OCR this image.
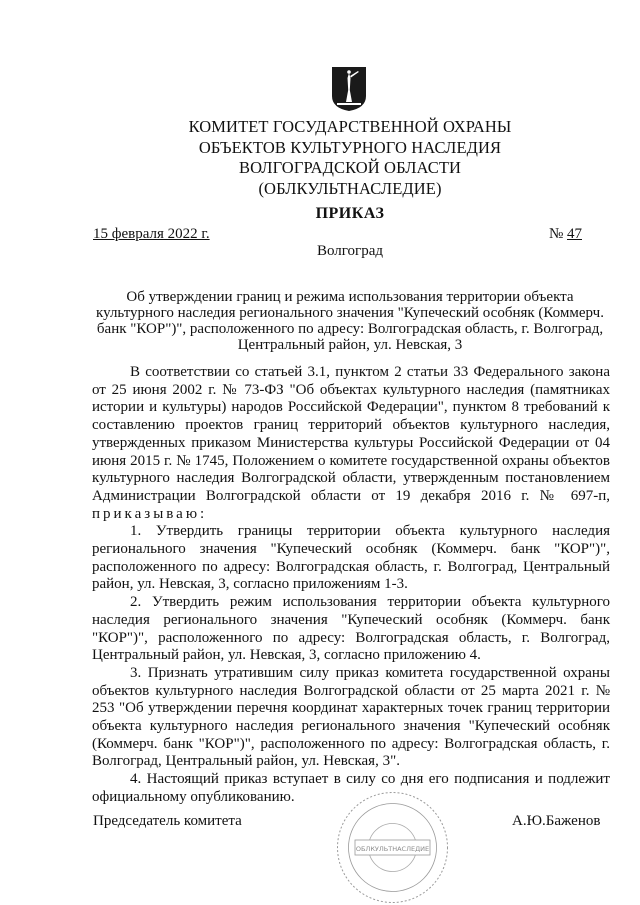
КОМИТЕТ ГОСУДАРСТВЕННОЙ ОХРАНЫ
ОБЪЕКТОВ КУЛЬТУРНОГО НАСЛЕДИЯ
ВОЛГОГРАДСКОЙ ОБЛАСТИ
(ОБЛКУЛЬТНАСЛЕДИЕ)
ПРИКАЗ
15 февраля 2022 г.	№ 47
Волгоград
Об утверждении границ и режима использования территории объекта
культурного наследия регионального значения "Купеческий особняк (Коммерч.
банк "КОР")", расположенного по адресу: Волгоградская область, г. Волгоград,
Центральный район, ул. Невская, 3

В соответствии со статьей 3.1, пунктом 2 статьи 33 Федерального закона от 25 июня 2002 г. № 73-ФЗ "Об объектах культурного наследия (памятниках истории и культуры) народов Российской Федерации", пунктом 8 требований к составлению проектов границ территорий объектов культурного наследия, утвержденных приказом Министерства культуры Российской Федерации от 04 июня 2015 г. № 1745, Положением о комитете государственной охраны объектов культурного наследия Волгоградской области, утвержденным постановлением Администрации Волгоградской области от 19 декабря 2016 г. № 697-п, приказываю:

1. Утвердить границы территории объекта культурного наследия регионального значения "Купеческий особняк (Коммерч. банк "КОР")", расположенного по адресу: Волгоградская область, г. Волгоград, Центральный район, ул. Невская, 3, согласно приложениям 1-3.

2. Утвердить режим использования территории объекта культурного наследия регионального значения "Купеческий особняк (Коммерч. банк "КОР")", расположенного по адресу: Волгоградская область, г. Волгоград, Центральный район, ул. Невская, 3, согласно приложению 4.

3. Признать утратившим силу приказ комитета государственной охраны объектов культурного наследия Волгоградской области от 25 марта 2021 г. № 253 "Об утверждении перечня координат характерных точек границ территории объекта культурного наследия регионального значения "Купеческий особняк (Коммерч. банк "КОР")", расположенного по адресу: Волгоградская область, г. Волгоград, Центральный район, ул. Невская, 3".

4. Настоящий приказ вступает в силу со дня его подписания и подлежит официальному опубликованию.

ОБЛКУЛЬТНАСЛЕДИЕ
Председатель комитета	А.Ю.Баженов
